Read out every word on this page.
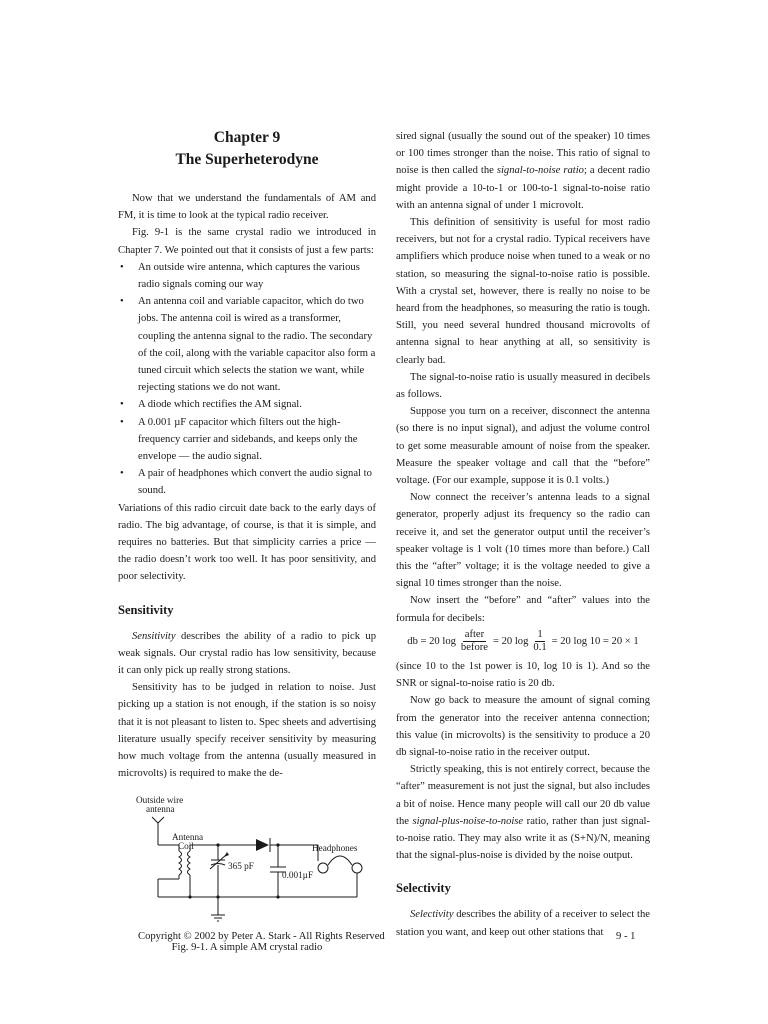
Chapter 9
The Superheterodyne

Now that we understand the fundamentals of AM and FM, it is time to look at the typical radio receiver.

Fig. 9-1 is the same crystal radio we introduced in Chapter 7. We pointed out that it consists of just a few parts:

• An outside wire antenna, which captures the various radio signals coming our way
• An antenna coil and variable capacitor, which do two jobs. The antenna coil is wired as a transformer, coupling the antenna signal to the radio. The secondary of the coil, along with the variable capacitor also form a tuned circuit which selects the station we want, while rejecting stations we do not want.
• A diode which rectifies the AM signal.
• A 0.001 µF capacitor which filters out the high-frequency carrier and sidebands, and keeps only the envelope — the audio signal.
• A pair of headphones which convert the audio signal to sound.

Variations of this radio circuit date back to the early days of radio. The big advantage, of course, is that it is simple, and requires no batteries. But that simplicity carries a price — the radio doesn’t work too well. It has poor sensitivity, and poor selectivity.

Sensitivity

Sensitivity describes the ability of a radio to pick up weak signals. Our crystal radio has low sensitivity, because it can only pick up really strong stations.

Sensitivity has to be judged in relation to noise. Just picking up a station is not enough, if the station is so noisy that it is not pleasant to listen to. Spec sheets and advertising literature usually specify receiver sensitivity by measuring how much voltage from the antenna (usually measured in microvolts) is required to make the de-

Outside wire
antenna
Antenna
Coil	Headphones
365 pF
0.001µF

Fig. 9-1. A simple AM crystal radio

sired signal (usually the sound out of the speaker) 10 times or 100 times stronger than the noise. This ratio of signal to noise is then called the signal-to-noise ratio; a decent radio might provide a 10-to-1 or 100-to-1 signal-to-noise ratio with an antenna signal of under 1 microvolt.

This definition of sensitivity is useful for most radio receivers, but not for a crystal radio. Typical receivers have amplifiers which produce noise when tuned to a weak or no station, so measuring the signal-to-noise ratio is possible. With a crystal set, however, there is really no noise to be heard from the headphones, so measuring the ratio is tough. Still, you need several hundred thousand microvolts of antenna signal to hear anything at all, so sensitivity is clearly bad.

The signal-to-noise ratio is usually measured in decibels as follows.

Suppose you turn on a receiver, disconnect the antenna (so there is no input signal), and adjust the volume control to get some measurable amount of noise from the speaker. Measure the speaker voltage and call that the “before” voltage. (For our example, suppose it is 0.1 volts.)

Now connect the receiver’s antenna leads to a signal generator, properly adjust its frequency so the radio can receive it, and set the generator output until the receiver’s speaker voltage is 1 volt (10 times more than before.) Call this the “after” voltage; it is the voltage needed to give a signal 10 times stronger than the noise.

Now insert the “before” and “after” values into the formula for decibels:

db = 20 $\log \frac{\text{after}}{\text{before}} = 20$ $\log \frac{1}{0.1} = 20$ log 10 = 20 × 1

(since 10 to the 1st power is 10, log 10 is 1). And so the SNR or signal-to-noise ratio is 20 db.

Now go back to measure the amount of signal coming from the generator into the receiver antenna connection; this value (in microvolts) is the sensitivity to produce a 20 db signal-to-noise ratio in the receiver output.

Strictly speaking, this is not entirely correct, because the “after” measurement is not just the signal, but also includes a bit of noise. Hence many people will call our 20 db value the signal-plus-noise-to-noise ratio, rather than just signal-to-noise ratio. They may also write it as (S+N)/N, meaning that the signal-plus-noise is divided by the noise output.

Selectivity

Selectivity describes the ability of a receiver to select the station you want, and keep out other stations that

Copyright © 2002 by Peter A. Stark - All Rights Reserved	9 - 1
